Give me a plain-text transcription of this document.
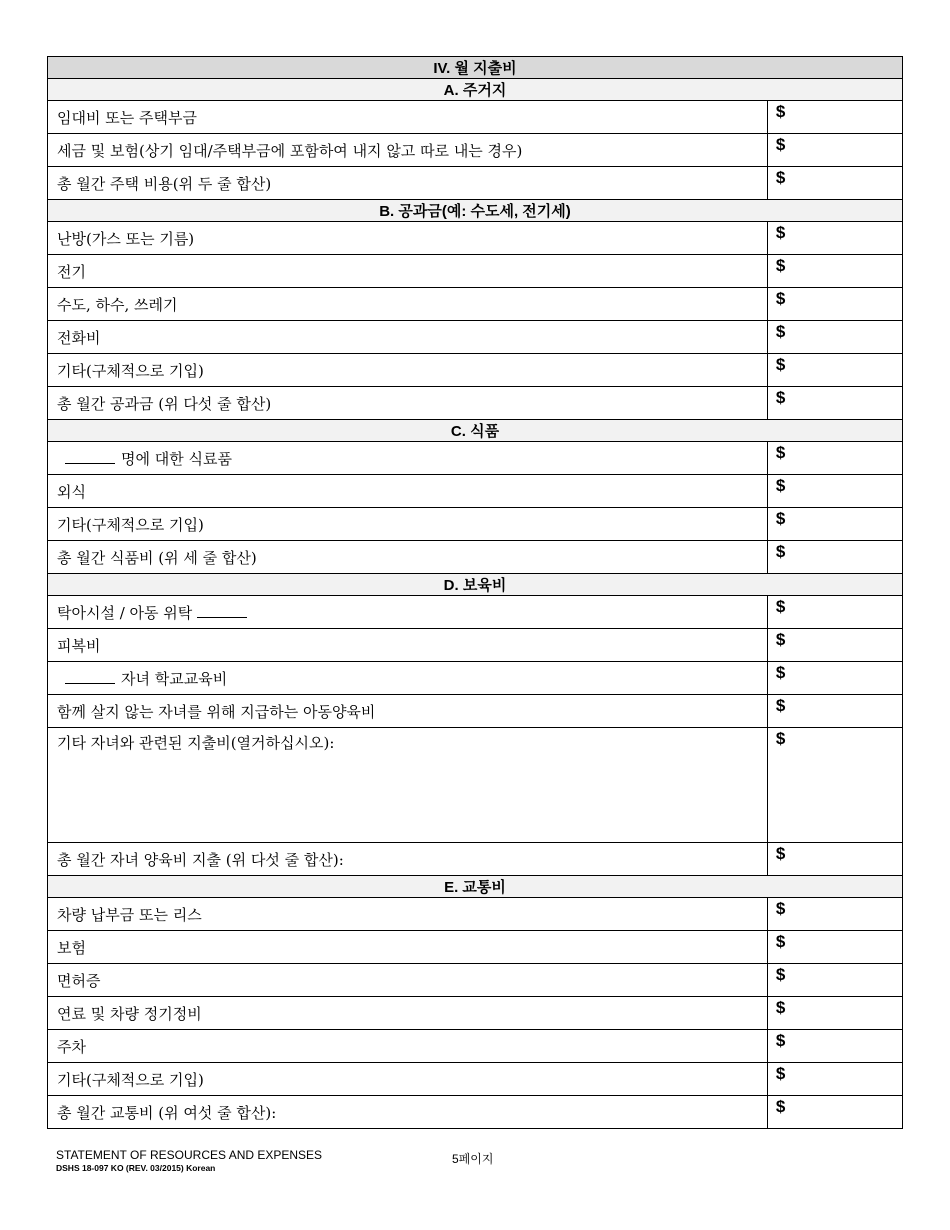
IV. 월 지출비	
A. 주거지	
임대비 또는 주택부금	$
세금 및 보험(상기 임대/주택부금에 포함하여 내지 않고 따로 내는 경우)	$
총 월간 주택 비용(위 두 줄 합산)	$
B. 공과금(예: 수도세, 전기세)	
난방(가스 또는 기름)	$
전기	$
수도, 하수, 쓰레기	$
전화비	$
기타(구체적으로 기입)	$
총 월간 공과금 (위 다섯 줄 합산)	$
C. 식품	
명에 대한 식료품	$
외식	$
기타(구체적으로 기입)	$
총 월간 식품비 (위 세 줄 합산)	$
D. 보육비	
탁아시설 / 아동 위탁	$
피복비	$
자녀 학교교육비	$
함께 살지 않는 자녀를 위해 지급하는 아동양육비	$
기타 자녀와 관련된 지출비(열거하십시오):	$
총 월간 자녀 양육비 지출 (위 다섯 줄 합산):	$
E. 교통비	
차량 납부금 또는 리스	$
보험	$
면허증	$
연료 및 차량 정기정비	$
주차	$
기타(구체적으로 기입)	$
총 월간 교통비 (위 여섯 줄 합산):	$
STATEMENT OF RESOURCES AND EXPENSES
DSHS 18-097 KO (REV. 03/2015) Korean
5페이지
